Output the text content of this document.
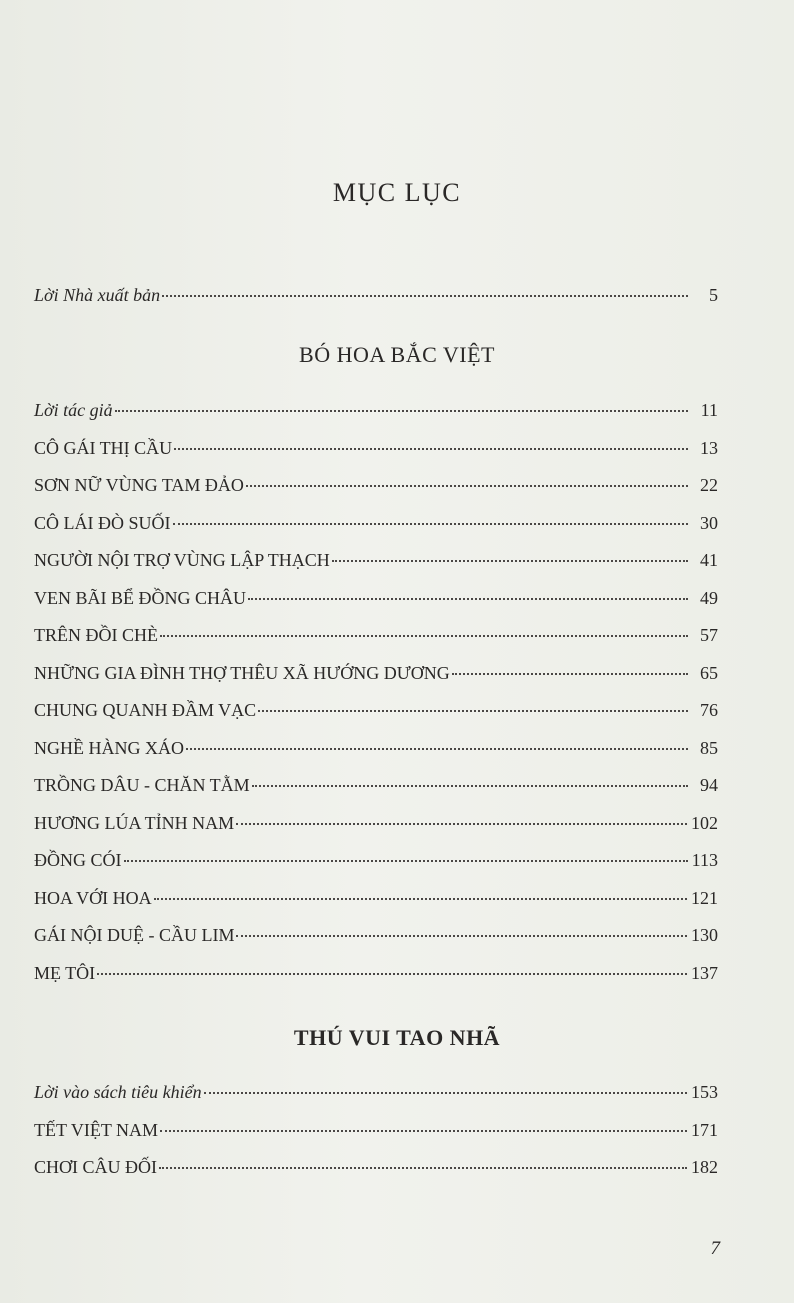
MỤC LỤC
Lời Nhà xuất bản	5
BÓ HOA BẮC VIỆT
Lời tác giả	11
CÔ GÁI THỊ CẦU	13
SƠN NỮ VÙNG TAM ĐẢO	22
CÔ LÁI ĐÒ SUỐI	30
NGƯỜI NỘI TRỢ VÙNG LẬP THẠCH	41
VEN BÃI BỂ ĐỒNG CHÂU	49
TRÊN ĐỒI CHÈ	57
NHỮNG GIA ĐÌNH THỢ THÊU XÃ HƯỚNG DƯƠNG	65
CHUNG QUANH ĐẦM VẠC	76
NGHỀ HÀNG XÁO	85
TRỒNG DÂU - CHĂN TẰM	94
HƯƠNG LÚA TỈNH NAM	102
ĐỒNG CÓI	113
HOA VỚI HOA	121
GÁI NỘI DUỆ - CẦU LIM	130
MẸ TÔI	137
THÚ VUI TAO NHÃ
Lời vào sách tiêu khiển	153
TẾT VIỆT NAM	171
CHƠI CÂU ĐỐI	182
7
